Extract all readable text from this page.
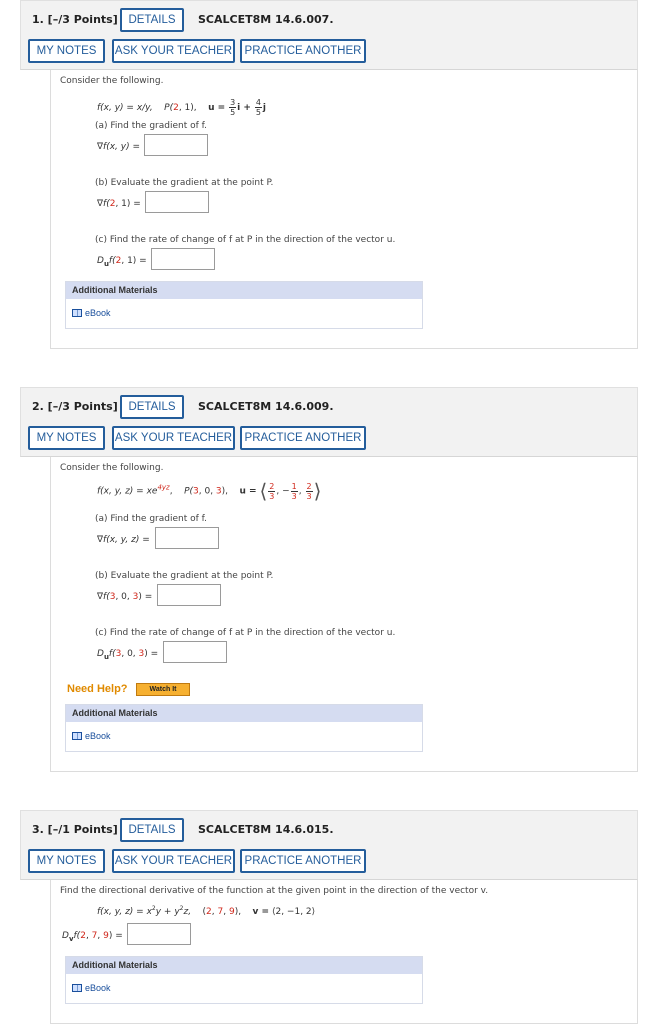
1. [–/3 Points] DETAILS	SCALCET8M 14.6.007.
MY NOTES	ASK YOUR TEACHER	PRACTICE ANOTHER
Consider the following.
f(x, y) = x/y, P(2, 1), $u = \frac{3}{5}$ $i + \frac{4}{5}$ j
(a) Find the gradient of f.
∇f(x, y) =
(b) Evaluate the gradient at the point P.
∇f(2, 1) =
(c) Find the rate of change of f at P in the direction of the vector u.
$D_uf(2$, 1) =
Additional Materials
eBook
2. [–/3 Points] DETAILS	SCALCET8M 14.6.009.
MY NOTES	ASK YOUR TEACHER	PRACTICE ANOTHER
Consider the following.
f(x, y, $z) = xe^{4yz}$, P(3, 0, 3), u = ⟨ $\frac{2}{3}$ , − $\frac{1}{3}$ , $\frac{2}{3}$ ⟩
(a) Find the gradient of f.
∇f(x, y, z) =
(b) Evaluate the gradient at the point P.
∇f(3, 0, 3) =
(c) Find the rate of change of f at P in the direction of the vector u.
$D_uf(3$, 0, 3) =
Need Help?	Watch It
Additional Materials
eBook
3. [–/1 Points] DETAILS	SCALCET8M 14.6.015.
MY NOTES	ASK YOUR TEACHER	PRACTICE ANOTHER
Find the directional derivative of the function at the given point in the direction of the vector v.
f(x, y, $z) = x^2y + y^2z$, (2, 7, 9), v = ⟨2, −1, 2⟩
$D_vf(2$, 7, 9) =
Additional Materials
eBook
